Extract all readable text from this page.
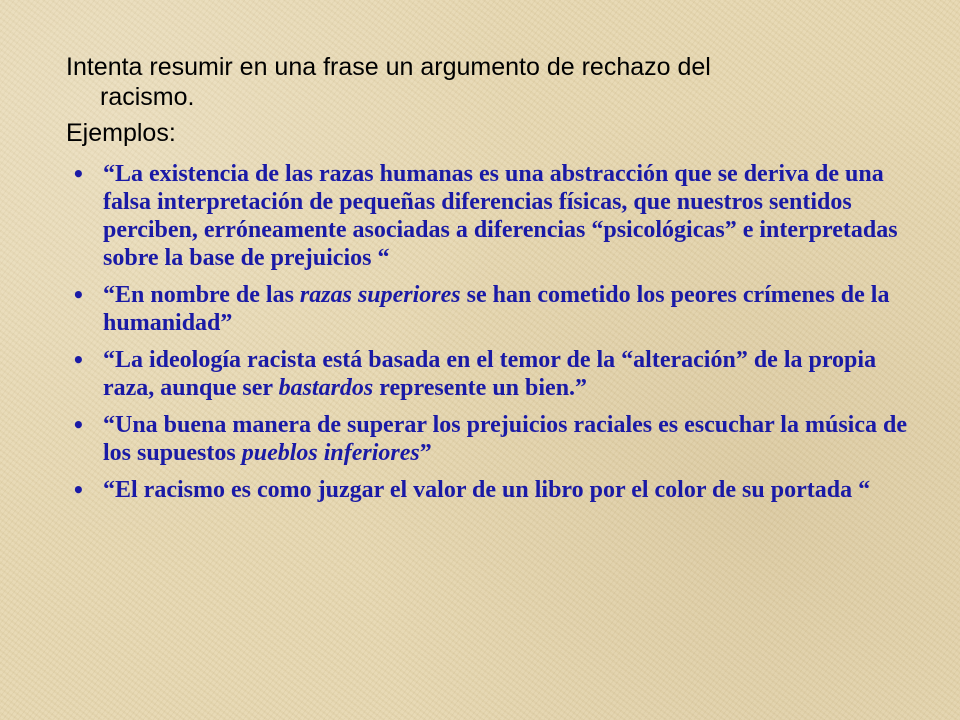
Intenta resumir en una frase un argumento de rechazo del

racismo.

Ejemplos:
• “La existencia de las razas humanas es una abstracción que se deriva de una falsa interpretación de pequeñas diferencias físicas, que nuestros sentidos perciben, erróneamente asociadas a diferencias “psicológicas” e interpretadas sobre la base de prejuicios “
• “En nombre de las razas superiores se han cometido los peores crímenes de la humanidad”
• “La ideología racista está basada en el temor de la “alteración” de la propia raza, aunque ser bastardos represente un bien.”
• “Una buena manera de superar los prejuicios raciales es escuchar la música de los supuestos pueblos inferiores”
• “El racismo es como juzgar el valor de un libro por el color de su portada “
